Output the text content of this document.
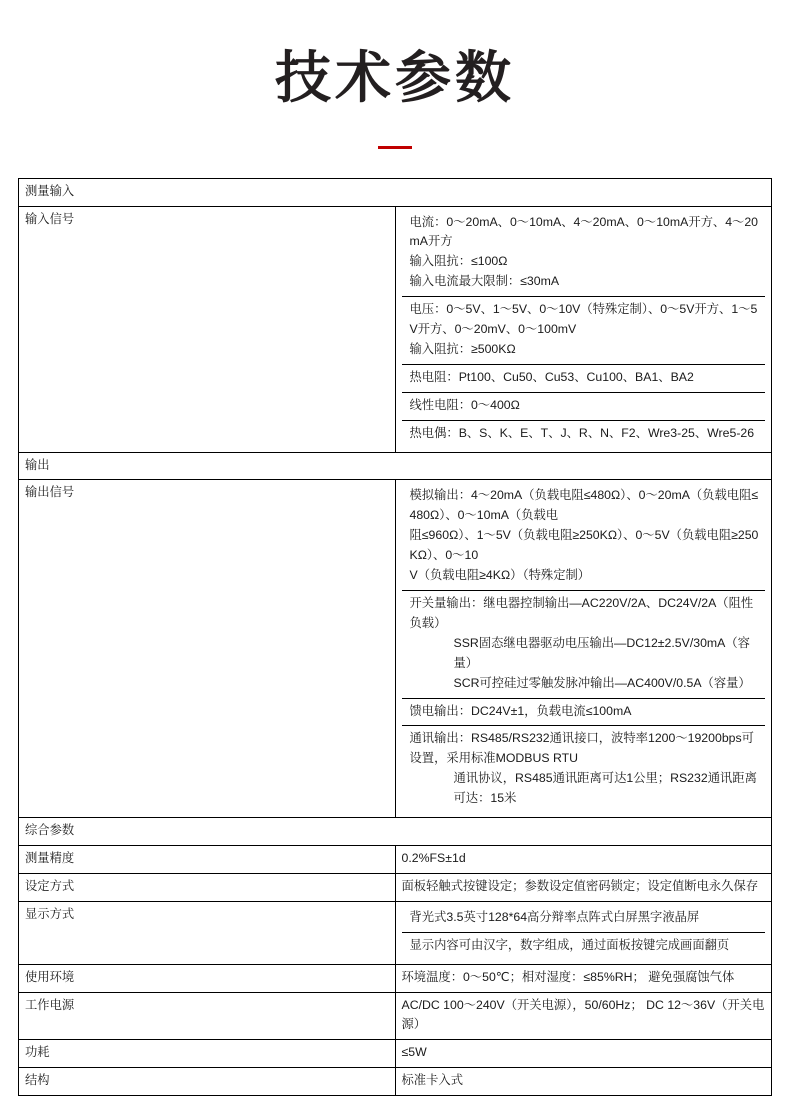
技术参数
测量输入
输入信号		电流：0～20mA、0～10mA、4～20mA、0～10mA开方、4～20mA开方
输入阻抗：≤100Ω
输入电流最大限制：≤30mA

电压：0～5V、1～5V、0～10V（特殊定制）、0～5V开方、1～5V开方、0～20mV、0～100mV
输入阻抗：≥500KΩ

热电阻：Pt100、Cu50、Cu53、Cu100、BA1、BA2
线性电阻：0～400Ω
热电偶：B、S、K、E、T、J、R、N、F2、Wre3-25、Wre5-26

输出
输出信号		模拟输出：4～20mA（负载电阻≤480Ω）、0～20mA（负载电阻≤480Ω）、0～10mA（负载电
阻≤960Ω）、1～5V（负载电阻≥250KΩ）、0～5V（负载电阻≥250KΩ）、0～10
V（负载电阻≥4KΩ）（特殊定制）

开关量输出：继电器控制输出—AC220V/2A、DC24V/2A（阻性负载）
SSR固态继电器驱动电压输出—DC12±2.5V/30mA（容量）
SCR可控硅过零触发脉冲输出—AC400V/0.5A（容量）

馈电输出：DC24V±1，负载电流≤100mA

通讯输出：RS485/RS232通讯接口，波特率1200～19200bps可设置，采用标准MODBUS RTU
通讯协议，RS485通讯距离可达1公里；RS232通讯距离可达：15米

综合参数
测量精度	0.2%FS±1d
设定方式	面板轻触式按键设定；参数设定值密码锁定；设定值断电永久保存
显示方式		背光式3.5英寸128*64高分辩率点阵式白屏黑字液晶屏
显示内容可由汉字，数字组成，通过面板按键完成画面翻页

使用环境	环境温度：0～50℃；相对湿度：≤85%RH； 避免强腐蚀气体
工作电源	AC/DC 100～240V（开关电源），50/60Hz； DC 12～36V（开关电源）
功耗	≤5W
结构	标准卡入式
